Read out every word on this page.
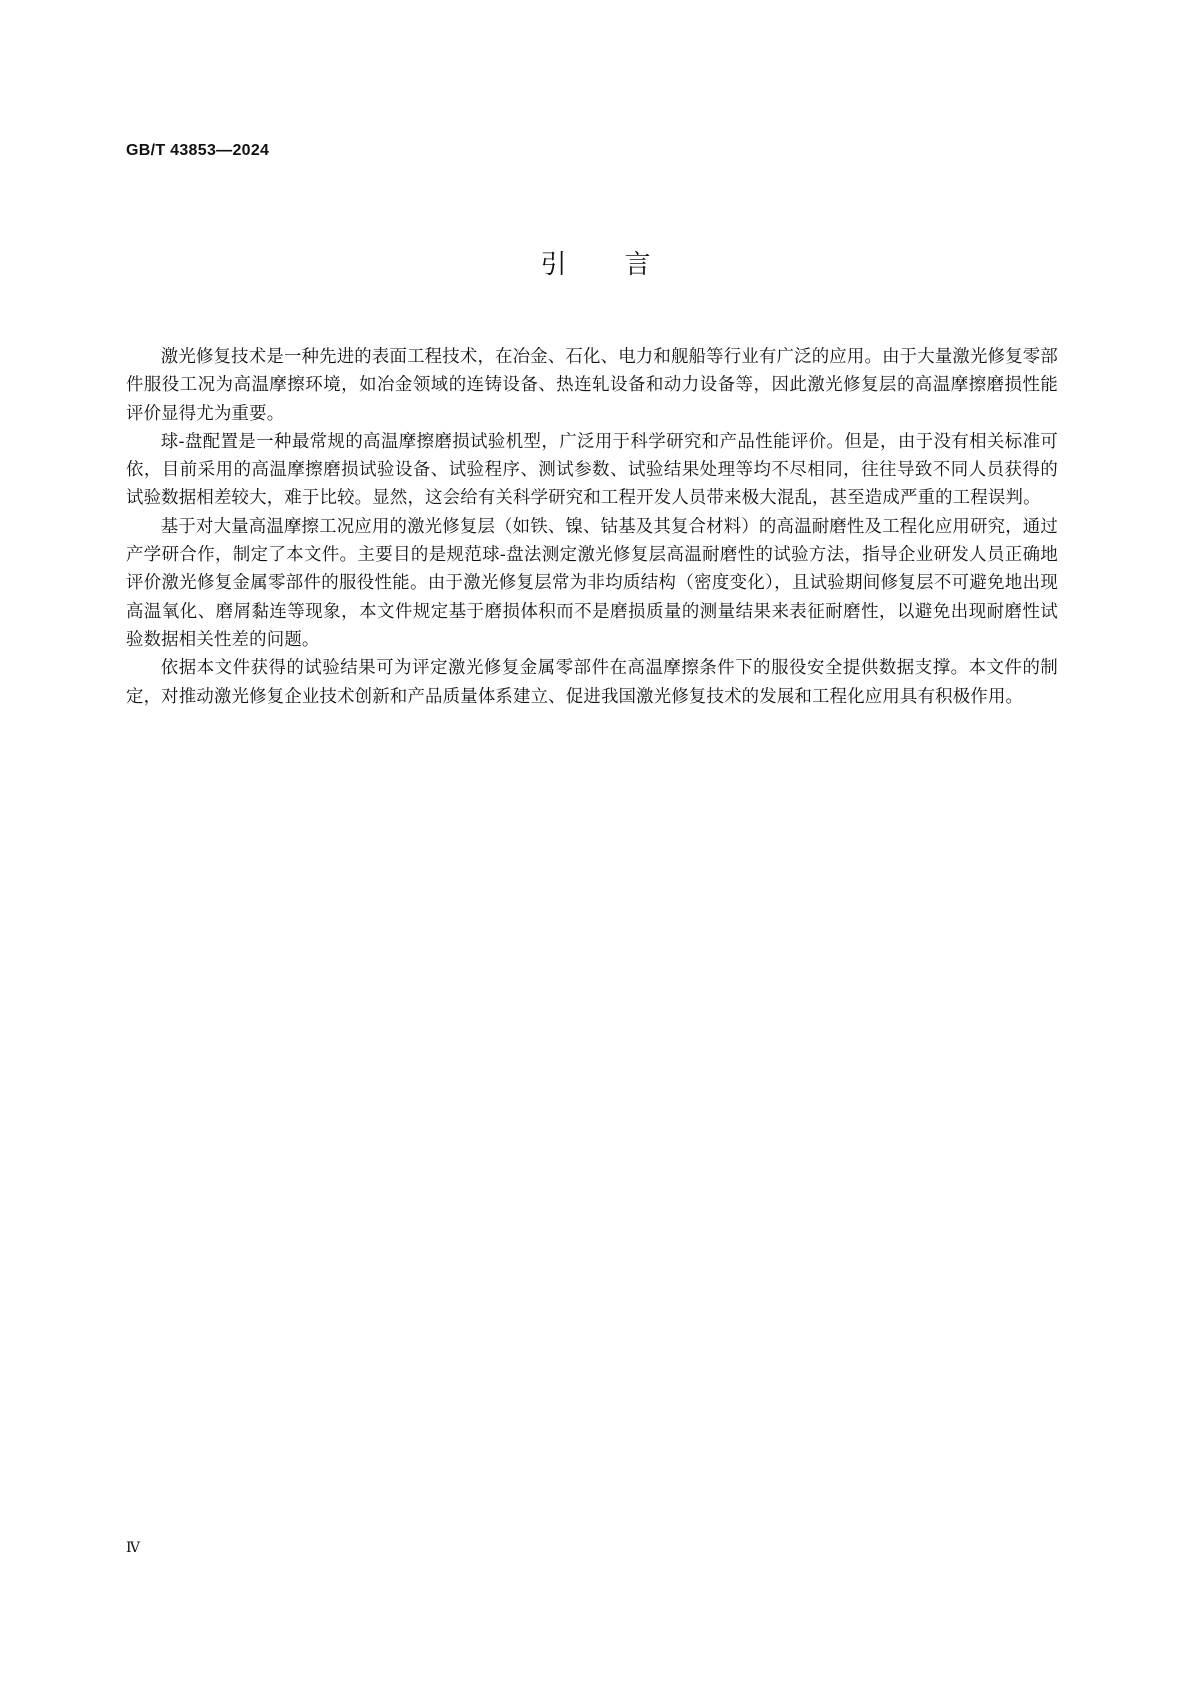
GB/T 43853—2024
引言

激光修复技术是一种先进的表面工程技术，在冶金、石化、电力和舰船等行业有广泛的应用。由于大量激光修复零部件服役工况为高温摩擦环境，如冶金领域的连铸设备、热连轧设备和动力设备等，因此激光修复层的高温摩擦磨损性能评价显得尤为重要。

球-盘配置是一种最常规的高温摩擦磨损试验机型，广泛用于科学研究和产品性能评价。但是，由于没有相关标准可依，目前采用的高温摩擦磨损试验设备、试验程序、测试参数、试验结果处理等均不尽相同，往往导致不同人员获得的试验数据相差较大，难于比较。显然，这会给有关科学研究和工程开发人员带来极大混乱，甚至造成严重的工程误判。

基于对大量高温摩擦工况应用的激光修复层（如铁、镍、钴基及其复合材料）的高温耐磨性及工程化应用研究，通过产学研合作，制定了本文件。主要目的是规范球-盘法测定激光修复层高温耐磨性的试验方法，指导企业研发人员正确地评价激光修复金属零部件的服役性能。由于激光修复层常为非均质结构（密度变化），且试验期间修复层不可避免地出现高温氧化、磨屑黏连等现象，本文件规定基于磨损体积而不是磨损质量的测量结果来表征耐磨性，以避免出现耐磨性试验数据相关性差的问题。

依据本文件获得的试验结果可为评定激光修复金属零部件在高温摩擦条件下的服役安全提供数据支撑。本文件的制定，对推动激光修复企业技术创新和产品质量体系建立、促进我国激光修复技术的发展和工程化应用具有积极作用。

Ⅳ
